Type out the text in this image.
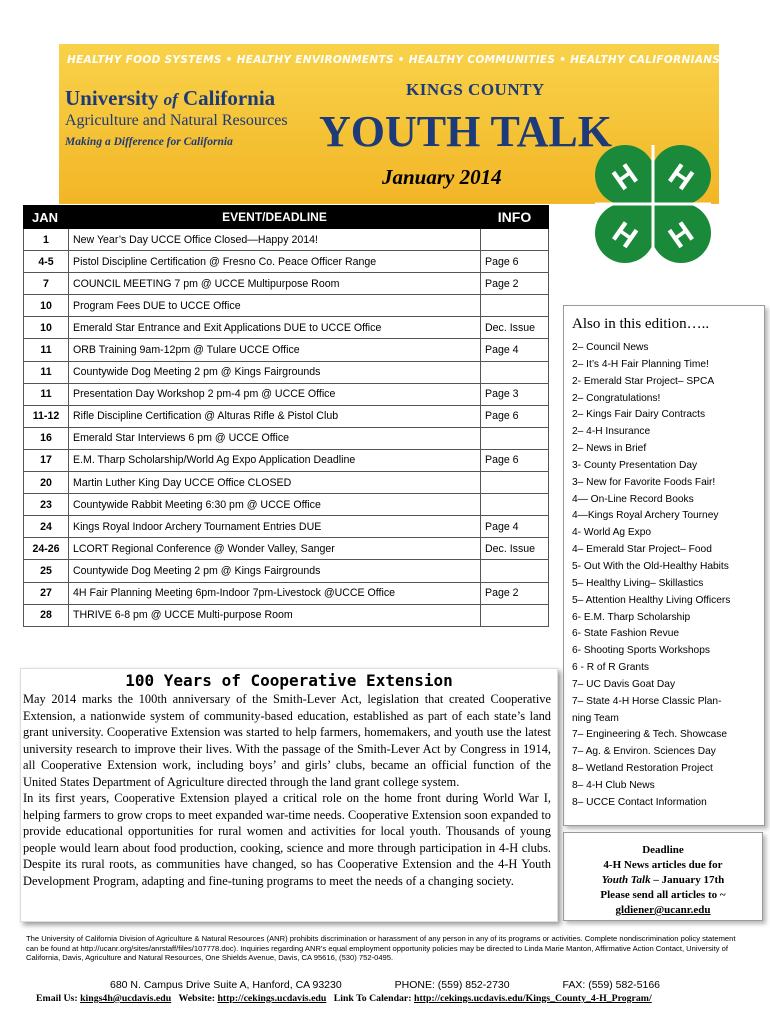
HEALTHY FOOD SYSTEMS • HEALTHY ENVIRONMENTS • HEALTHY COMMUNITIES • HEALTHY CALIFORNIANS
University of California
Agriculture and Natural Resources
Making a Difference for California
KINGS COUNTY
YOUTH TALK
January 2014	H H
H H
JAN	EVENT/DEADLINE	INFO
1	New Year’s Day UCCE Office Closed—Happy 2014!	
4-5	Pistol Discipline Certification @ Fresno Co. Peace Officer Range	Page 6
7	COUNCIL MEETING 7 pm @ UCCE Multipurpose Room	Page 2
10	Program Fees DUE to UCCE Office	
10	Emerald Star Entrance and Exit Applications DUE to UCCE Office	Dec. Issue
11	ORB Training 9am-12pm @ Tulare UCCE Office	Page 4
11	Countywide Dog Meeting 2 pm @ Kings Fairgrounds	
11	Presentation Day Workshop 2 pm-4 pm @ UCCE Office	Page 3
11-12	Rifle Discipline Certification @ Alturas Rifle & Pistol Club	Page 6
16	Emerald Star Interviews 6 pm @ UCCE Office	
17	E.M. Tharp Scholarship/World Ag Expo Application Deadline	Page 6
20	Martin Luther King Day UCCE Office CLOSED	
23	Countywide Rabbit Meeting 6:30 pm @ UCCE Office	
24	Kings Royal Indoor Archery Tournament Entries DUE	Page 4
24-26	LCORT Regional Conference @ Wonder Valley, Sanger	Dec. Issue
25	Countywide Dog Meeting 2 pm @ Kings Fairgrounds	
27	4H Fair Planning Meeting 6pm-Indoor 7pm-Livestock @UCCE Office	Page 2
28	THRIVE 6-8 pm @ UCCE Multi-purpose Room	
Also in this edition…..
2– Council News
2– It’s 4-H Fair Planning Time!
2- Emerald Star Project– SPCA
2– Congratulations!
2– Kings Fair Dairy Contracts
2– 4-H Insurance
2– News in Brief
3- County Presentation Day
3– New for Favorite Foods Fair!
4— On-Line Record Books
4—Kings Royal Archery Tourney
4- World Ag Expo
4– Emerald Star Project– Food
5- Out With the Old-Healthy Habits
5– Healthy Living– Skillastics
5– Attention Healthy Living Officers
6- E.M. Tharp Scholarship
6- State Fashion Revue
6- Shooting Sports Workshops
6 - R of R Grants
7– UC Davis Goat Day
7– State 4-H Horse Classic Plan-
ning Team
7– Engineering & Tech. Showcase
7– Ag. & Environ. Sciences Day
8– Wetland Restoration Project
8– 4-H Club News
8– UCCE Contact Information
100 Years of Cooperative Extension

May 2014 marks the 100th anniversary of the Smith-Lever Act, legislation that created Cooperative Extension, a nationwide system of community-based education, established as part of each state’s land grant university. Cooperative Extension was started to help farmers, homemakers, and youth use the latest university research to improve their lives. With the passage of the Smith-Lever Act by Congress in 1914, all Cooperative Extension work, including boys’ and girls’ clubs, became an official function of the United States Department of Agriculture directed through the land grant college system.
In its first years, Cooperative Extension played a critical role on the home front during World War I, helping farmers to grow crops to meet expanded war-time needs. Cooperative Extension soon expanded to provide educational opportunities for rural women and activities for local youth. Thousands of young people would learn about food production, cooking, science and more through participation in 4-H clubs. Despite its rural roots, as communities have changed, so has Cooperative Extension and the 4-H Youth Development Program, adapting and fine-tuning programs to meet the needs of a changing society.

Deadline
4-H News articles due for
Youth Talk – January 17th
Please send all articles to ~
gldiener@ucanr.edu
The University of California Division of Agriculture & Natural Resources (ANR) prohibits discrimination or harassment of any person in any of its programs or activities. Complete nondiscrimination policy statement can be found at http://ucanr.org/sites/anrstaff/files/107778.doc). Inquiries regarding ANR’s equal employment opportunity policies may be directed to Linda Marie Manton, Affirmative Action Contact, University of California, Davis, Agriculture and Natural Resources, One Shields Avenue, Davis, CA 95616, (530) 752-0495.
680 N. Campus Drive Suite A, Hanford, CA 93230	PHONE: (559) 852-2730	FAX: (559) 582-5166
Email Us: kings4h@ucdavis.edu Website: http://cekings.ucdavis.edu Link To Calendar: http://cekings.ucdavis.edu/Kings_County_4-H_Program/
